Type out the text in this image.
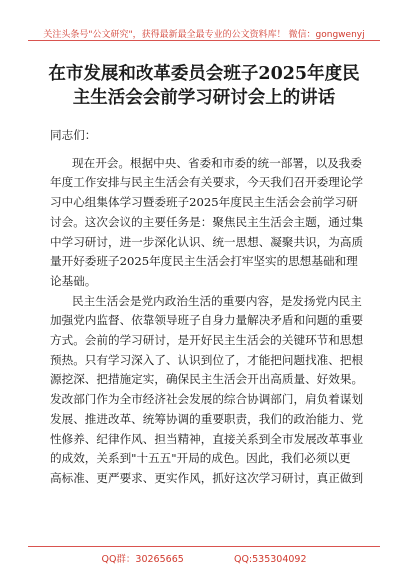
关注头条号"公文研究"，获得最新最全最专业的公文资料库！ 微信：gongwenyj
在市发展和改革委员会班子2025年度民
主生活会会前学习研讨会上的讲话

同志们：

现在开会。根据中央、省委和市委的统一部署，以及我委
年度工作安排与民主生活会有关要求，今天我们召开委理论学
习中心组集体学习暨委班子2025年度民主生活会会前学习研
讨会。这次会议的主要任务是：聚焦民主生活会主题，通过集
中学习研讨，进一步深化认识、统一思想、凝聚共识，为高质
量开好委班子2025年度民主生活会打牢坚实的思想基础和理
论基础。

民主生活会是党内政治生活的重要内容，是发扬党内民主
加强党内监督、依靠领导班子自身力量解决矛盾和问题的重要
方式。会前的学习研讨，是开好民主生活会的关键环节和思想
预热。只有学习深入了、认识到位了，才能把问题找准、把根
源挖深、把措施定实，确保民主生活会开出高质量、好效果。
发改部门作为全市经济社会发展的综合协调部门，肩负着谋划
发展、推进改革、统筹协调的重要职责，我们的政治能力、党
性修养、纪律作风、担当精神，直接关系到全市发展改革事业
的成效，关系到"十五五"开局的成色。因此，我们必须以更
高标准、更严要求、更实作风，抓好这次学习研讨，真正做到

QQ群：30265665	QQ:535304092
